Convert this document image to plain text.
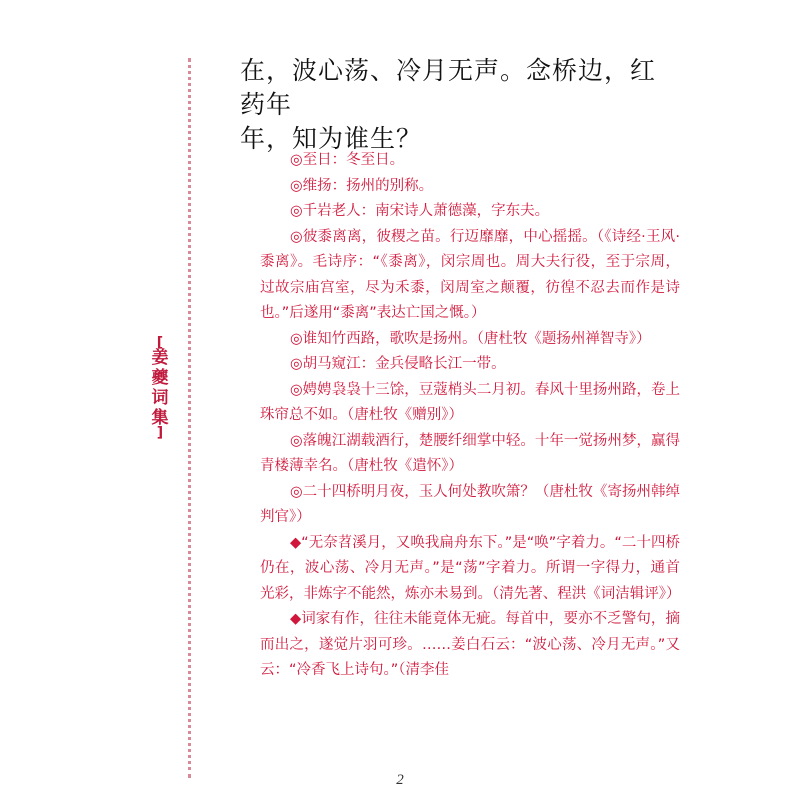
[
姜
夔
词
集
]
在，波心荡、冷月无声。念桥边，红药年
年，知为谁生？

◎至日：冬至日。

◎维扬：扬州的别称。

◎千岩老人：南宋诗人萧德藻，字东夫。

◎彼黍离离，彼稷之苗。行迈靡靡，中心摇摇。（《诗经·王风·黍离》。毛诗序：“《黍离》，闵宗周也。周大夫行役，至于宗周，过故宗庙宫室，尽为禾黍，闵周室之颠覆，彷徨不忍去而作是诗也。”后遂用“黍离”表达亡国之慨。）

◎谁知竹西路，歌吹是扬州。（唐杜牧《题扬州禅智寺》）

◎胡马窥江：金兵侵略长江一带。

◎娉娉袅袅十三馀，豆蔻梢头二月初。春风十里扬州路，卷上珠帘总不如。（唐杜牧《赠别》）

◎落魄江湖载酒行，楚腰纤细掌中轻。十年一觉扬州梦，赢得青楼薄幸名。（唐杜牧《遣怀》）

◎二十四桥明月夜，玉人何处教吹箫？（唐杜牧《寄扬州韩绰判官》）

◆“无奈苕溪月，又唤我扁舟东下。”是“唤”字着力。“二十四桥仍在，波心荡、冷月无声。”是“荡”字着力。所谓一字得力，通首光彩，非炼字不能然，炼亦未易到。（清先著、程洪《词洁辑评》）

◆词家有作，往往未能竟体无疵。每首中，要亦不乏警句，摘而出之，遂觉片羽可珍。……姜白石云：“波心荡、冷月无声。”又云：“冷香飞上诗句。”（清李佳

2
